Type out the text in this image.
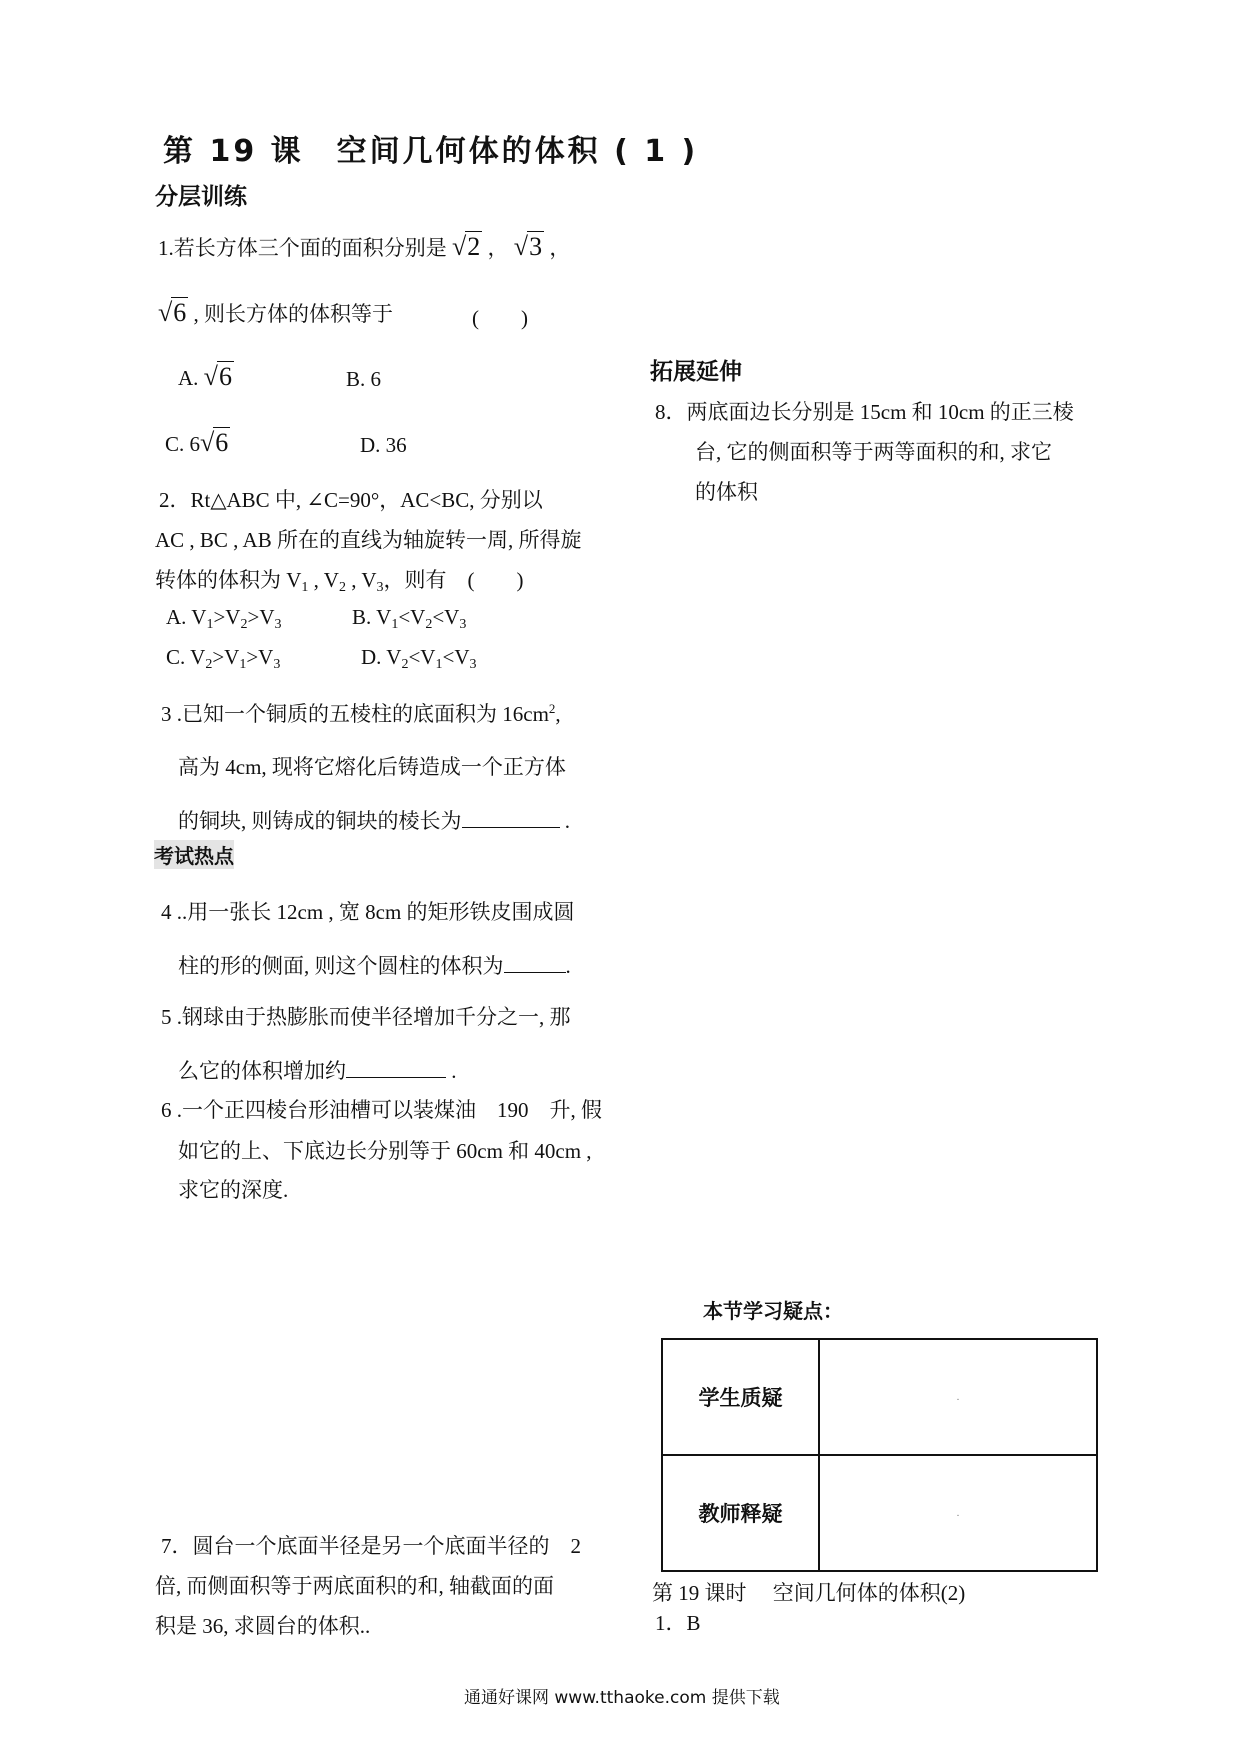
第 19 课　空间几何体的体积 ( 1 )
分层训练
1.若长方体三个面的面积分别是 √2 ， √3 ，
√6 , 则长方体的体积等于	(　　)
A. √6	B. 6
C. 6√6	D. 36
2．Rt△ABC 中, ∠C=90°，AC<BC, 分别以
AC , BC , AB 所在的直线为轴旋转一周, 所得旋
转体的体积为 $V_1$ , $V_2$ , $V_3$，则有　(　　)
A. $V_1>V_2>V_3$	B. $V_1<V_2<V_3$
C. $V_2>V_1>V_3$	D. $V_2<V_1<V_3$
3 .已知一个铜质的五棱柱的底面积为 $16cm^2$,
高为 4cm, 现将它熔化后铸造成一个正方体
的铜块, 则铸成的铜块的棱长为	.
考试热点
4 ..用一张长 12cm , 宽 8cm 的矩形铁皮围成圆
柱的形的侧面, 则这个圆柱的体积为	.
5 .钢球由于热膨胀而使半径增加千分之一, 那
么它的体积增加约	.
6 .一个正四棱台形油槽可以装煤油　190　升, 假
如它的上、下底边长分别等于 60cm 和 40cm ,
求它的深度.
7．圆台一个底面半径是另一个底面半径的　2
倍, 而侧面积等于两底面积的和, 轴截面的面
积是 36, 求圆台的体积..
拓展延伸
8．两底面边长分别是 15cm 和 10cm 的正三棱
台, 它的侧面积等于两等面积的和, 求它
的体积
本节学习疑点：
学生质疑	.

教师释疑	.
第 19 课时　 空间几何体的体积(2)
1．B
通通好课网 www.tthaoke.com 提供下载
